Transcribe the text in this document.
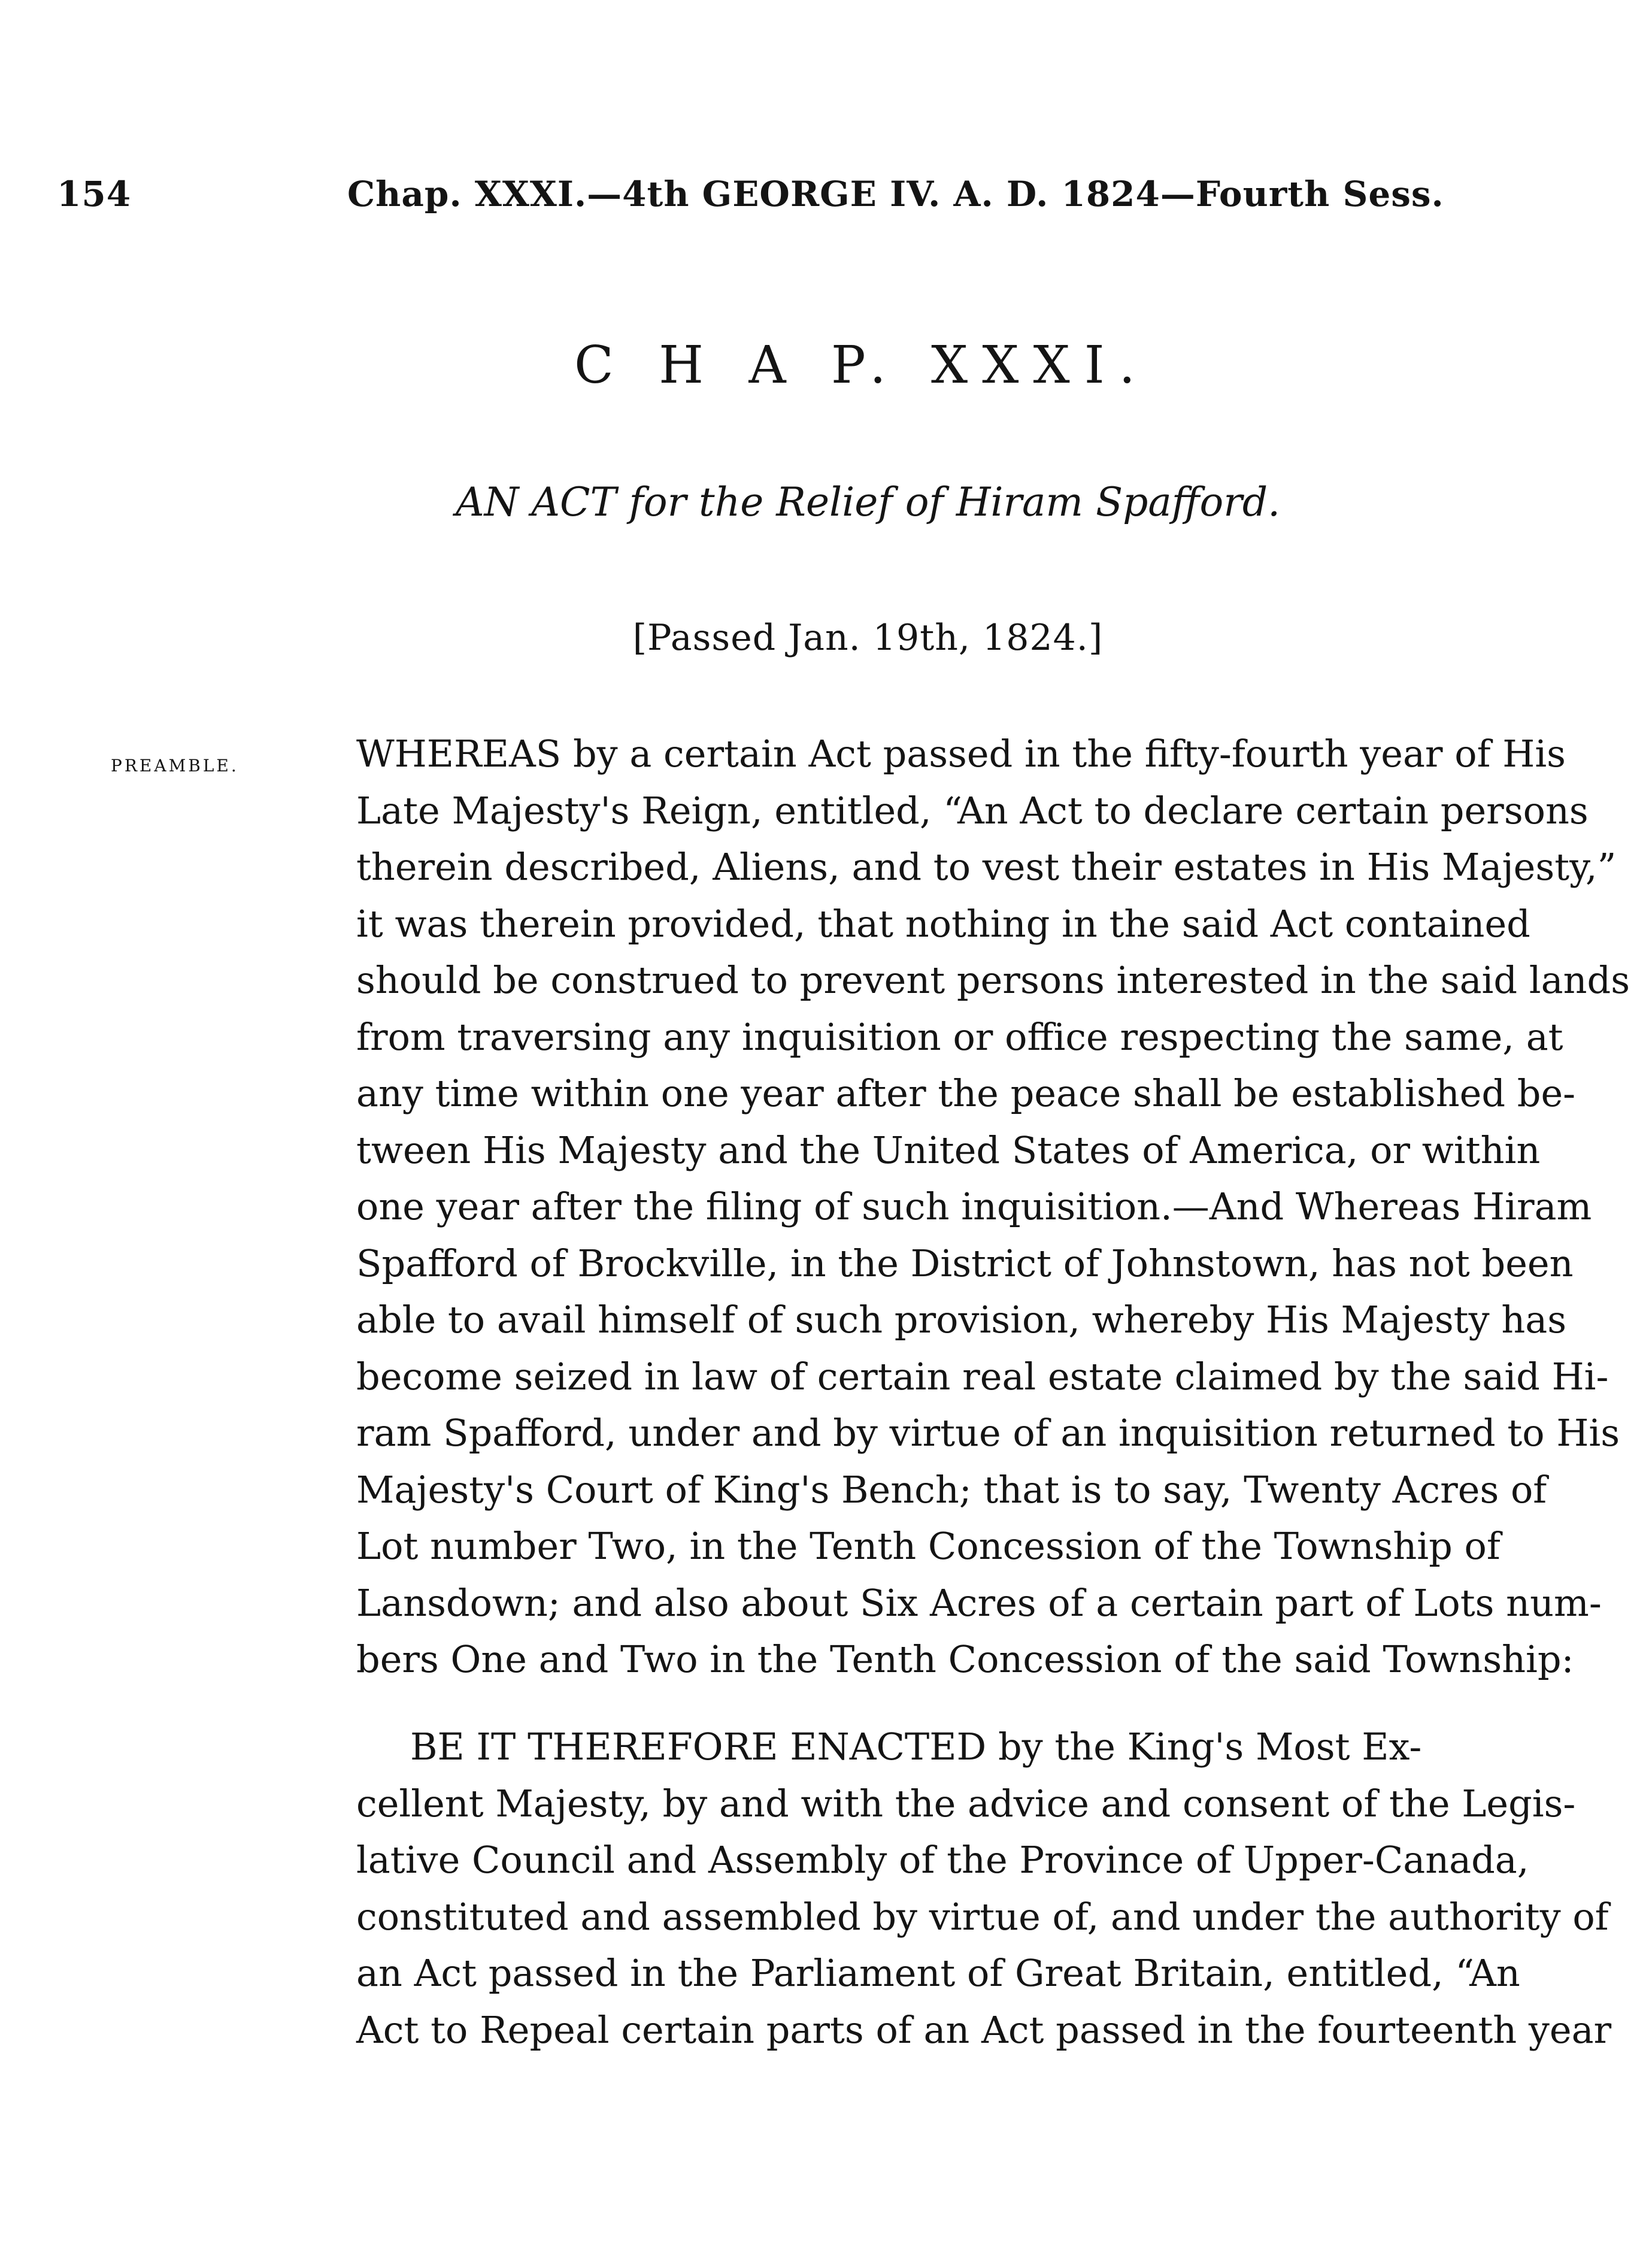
154	Chap. XXXI.—4th GEORGE IV. A. D. 1824—Fourth Sess.
C H A P. XXXI.
AN ACT for the Relief of Hiram Spafford.
[Passed Jan. 19th, 1824.]
PREAMBLE.	WHEREAS by a certain Act passed in the fifty-fourth year of His
Late Majesty's Reign, entitled, “An Act to declare certain persons
therein described, Aliens, and to vest their estates in His Majesty,”
it was therein provided, that nothing in the said Act contained
should be construed to prevent persons interested in the said lands
from traversing any inquisition or office respecting the same, at
any time within one year after the peace shall be established be-
tween His Majesty and the United States of America, or within
one year after the filing of such inquisition.—And Whereas Hiram
Spafford of Brockville, in the District of Johnstown, has not been
able to avail himself of such provision, whereby His Majesty has
become seized in law of certain real estate claimed by the said Hi-
ram Spafford, under and by virtue of an inquisition returned to His
Majesty's Court of King's Bench; that is to say, Twenty Acres of
Lot number Two, in the Tenth Concession of the Township of
Lansdown; and also about Six Acres of a certain part of Lots num-
bers One and Two in the Tenth Concession of the said Township:
BE IT THEREFORE ENACTED by the King's Most Ex-
cellent Majesty, by and with the advice and consent of the Legis-
lative Council and Assembly of the Province of Upper-Canada,
constituted and assembled by virtue of, and under the authority of
an Act passed in the Parliament of Great Britain, entitled, “An
Act to Repeal certain parts of an Act passed in the fourteenth year
